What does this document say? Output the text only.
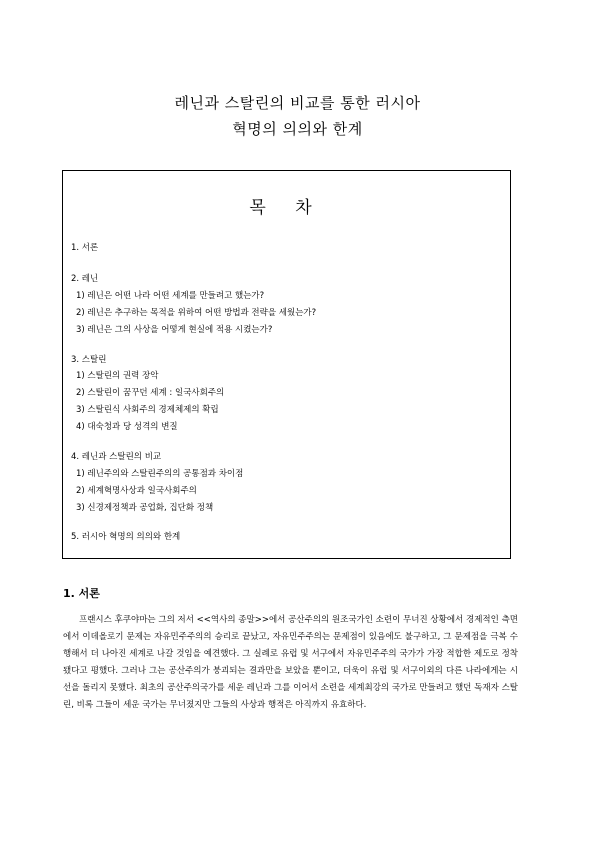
레닌과 스탈린의 비교를 통한 러시아
혁명의 의의와 한계
목 차
1. 서론
2. 레닌
1) 레닌은 어떤 나라 어떤 세계를 만들려고 했는가?
2) 레닌은 추구하는 목적을 위하여 어떤 방법과 전략을 세웠는가?
3) 레닌은 그의 사상을 어떻게 현실에 적용 시켰는가?
3. 스탈린
1) 스탈린의 권력 장악
2) 스탈린이 꿈꾸던 세계 : 일국사회주의
3) 스탈린식 사회주의 경제체제의 확립
4) 대숙청과 당 성격의 변질
4. 레닌과 스탈린의 비교
1) 레닌주의와 스탈린주의의 공통점과 차이점
2) 세계혁명사상과 일국사회주의
3) 신경제정책과 공업화, 집단화 정책
5. 러시아 혁명의 의의와 한계
1. 서론

프랜시스 후쿠야마는 그의 저서 <<역사의 종말>>에서 공산주의의 원조국가인 소련이 무너진 상황에서 경제적인 측면에서 이데올로기 문제는 자유민주주의의 승리로 끝났고, 자유민주주의는 문제점이 있음에도 불구하고, 그 문제점을 극복 수행해서 더 나아진 세계로 나갈 것임을 예견했다. 그 실례로 유럽 및 서구에서 자유민주주의 국가가 가장 적합한 제도로 정착됐다고 평했다. 그러나 그는 공산주의가 붕괴되는 결과만을 보았을 뿐이고, 더욱이 유럽 및 서구이외의 다른 나라에게는 시선을 돌리지 못했다. 최초의 공산주의국가를 세운 레닌과 그를 이어서 소련을 세계최강의 국가로 만들려고 했던 독재자 스탈린, 비록 그들이 세운 국가는 무너졌지만 그들의 사상과 행적은 아직까지 유효하다.
